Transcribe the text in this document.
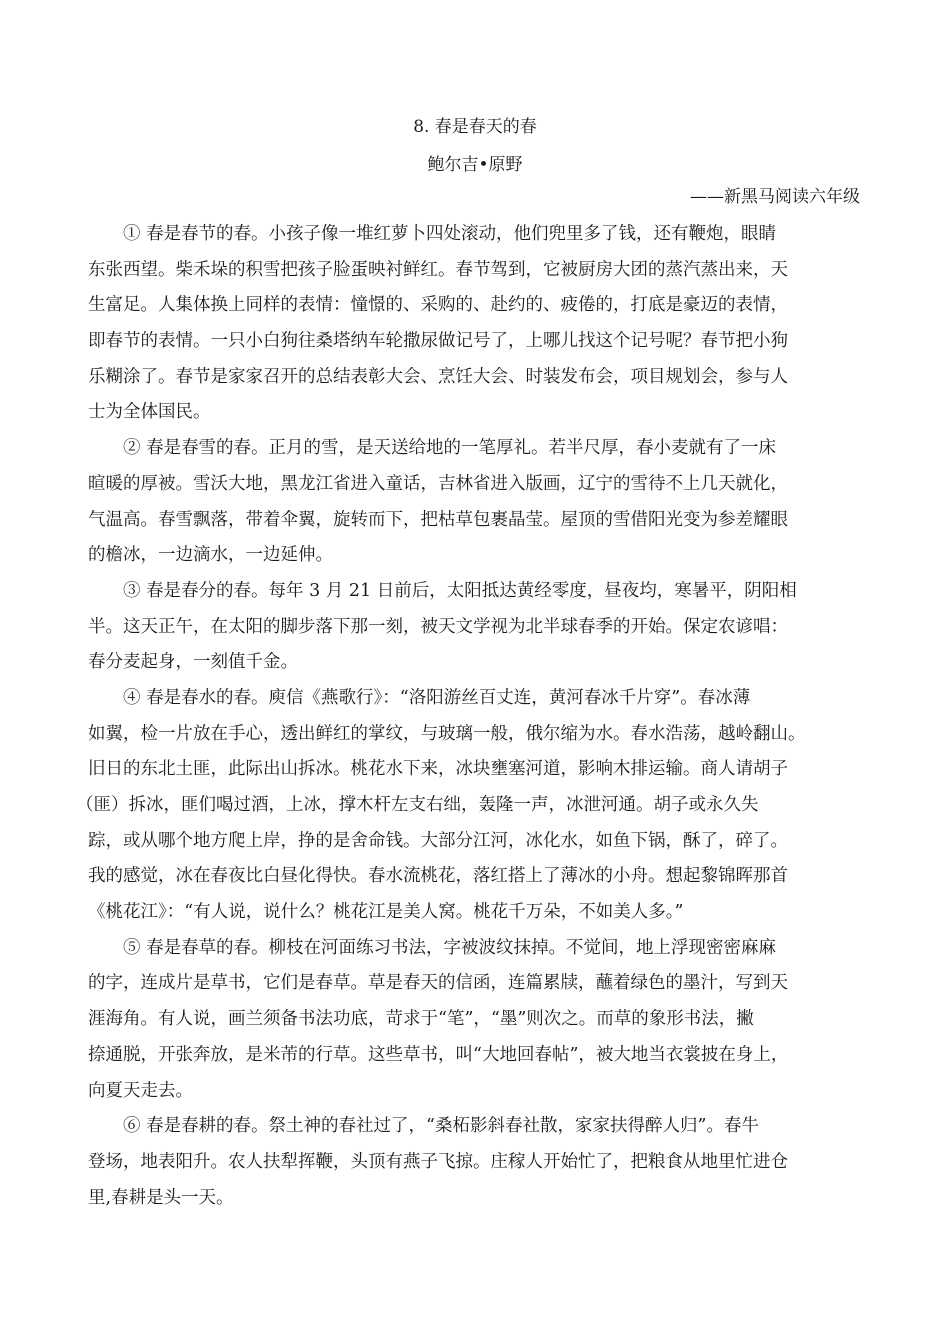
8. 春是春天的春
鲍尔吉•原野
——新黑马阅读六年级
① 春是春节的春。小孩子像一堆红萝卜四处滚动，他们兜里多了钱，还有鞭炮，眼睛
东张西望。柴禾垛的积雪把孩子脸蛋映衬鲜红。春节驾到，它被厨房大团的蒸汽蒸出来，天
生富足。人集体换上同样的表情：憧憬的、采购的、赴约的、疲倦的，打底是豪迈的表情，
即春节的表情。一只小白狗往桑塔纳车轮撒尿做记号了，上哪儿找这个记号呢？春节把小狗
乐糊涂了。春节是家家召开的总结表彰大会、烹饪大会、时装发布会，项目规划会，参与人
士为全体国民。
② 春是春雪的春。正月的雪，是天送给地的一笔厚礼。若半尺厚，春小麦就有了一床
暄暖的厚被。雪沃大地，黑龙江省进入童话，吉林省进入版画，辽宁的雪待不上几天就化，
气温高。春雪飘落，带着伞翼，旋转而下，把枯草包裹晶莹。屋顶的雪借阳光变为参差耀眼
的檐冰，一边滴水，一边延伸。
③ 春是春分的春。每年 3 月 21 日前后，太阳抵达黄经零度，昼夜均，寒暑平，阴阳相
半。这天正午，在太阳的脚步落下那一刻，被天文学视为北半球春季的开始。保定农谚唱：
春分麦起身，一刻值千金。
④ 春是春水的春。庾信《燕歌行》：“洛阳游丝百丈连，黄河春冰千片穿”。春冰薄
如翼，检一片放在手心，透出鲜红的掌纹，与玻璃一般，俄尔缩为水。春水浩荡，越岭翻山。
旧日的东北土匪，此际出山拆冰。桃花水下来，冰块壅塞河道，影响木排运输。商人请胡子
（匪）拆冰，匪们喝过酒，上冰，撑木杆左支右绌，轰隆一声，冰泄河通。胡子或永久失
踪，或从哪个地方爬上岸，挣的是舍命钱。大部分江河，冰化水，如鱼下锅，酥了，碎了。
我的感觉，冰在春夜比白昼化得快。春水流桃花，落红搭上了薄冰的小舟。想起黎锦晖那首
《桃花江》：“有人说，说什么？桃花江是美人窝。桃花千万朵，不如美人多。”
⑤ 春是春草的春。柳枝在河面练习书法，字被波纹抹掉。不觉间，地上浮现密密麻麻
的字，连成片是草书，它们是春草。草是春天的信函，连篇累牍，蘸着绿色的墨汁，写到天
涯海角。有人说，画兰须备书法功底，苛求于“笔”，“墨”则次之。而草的象形书法，撇
捺通脱，开张奔放，是米芾的行草。这些草书，叫“大地回春帖”，被大地当衣裳披在身上，
向夏天走去。
⑥ 春是春耕的春。祭土神的春社过了，“桑柘影斜春社散，家家扶得醉人归”。春牛
登场，地表阳升。农人扶犁挥鞭，头顶有燕子飞掠。庄稼人开始忙了，把粮食从地里忙进仓
里,春耕是头一天。
